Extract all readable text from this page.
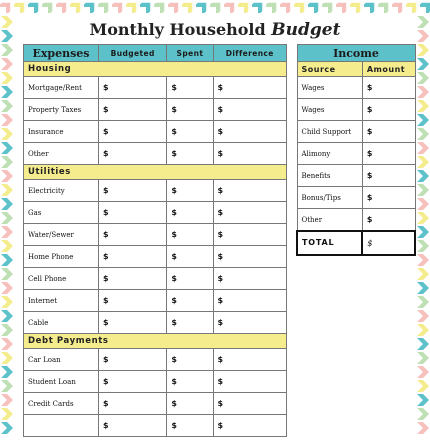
Monthly Household Budget
Expenses	Budgeted	Spent	Difference
Housing			
Mortgage/Rent	$	$	$
Property Taxes	$	$	$
Insurance	$	$	$
Other	$	$	$
Utilities			
Electricity	$	$	$
Gas	$	$	$
Water/Sewer	$	$	$
Home Phone	$	$	$
Cell Phone	$	$	$
Internet	$	$	$
Cable	$	$	$
Debt Payments			
Car Loan	$	$	$
Student Loan	$	$	$
Credit Cards	$	$	$
	$	$	$
Income	
Source	Amount
Wages	$
Wages	$
Child Support	$
Alimony	$
Benefits	$
Bonus/Tips	$
Other	$
TOTAL	$
